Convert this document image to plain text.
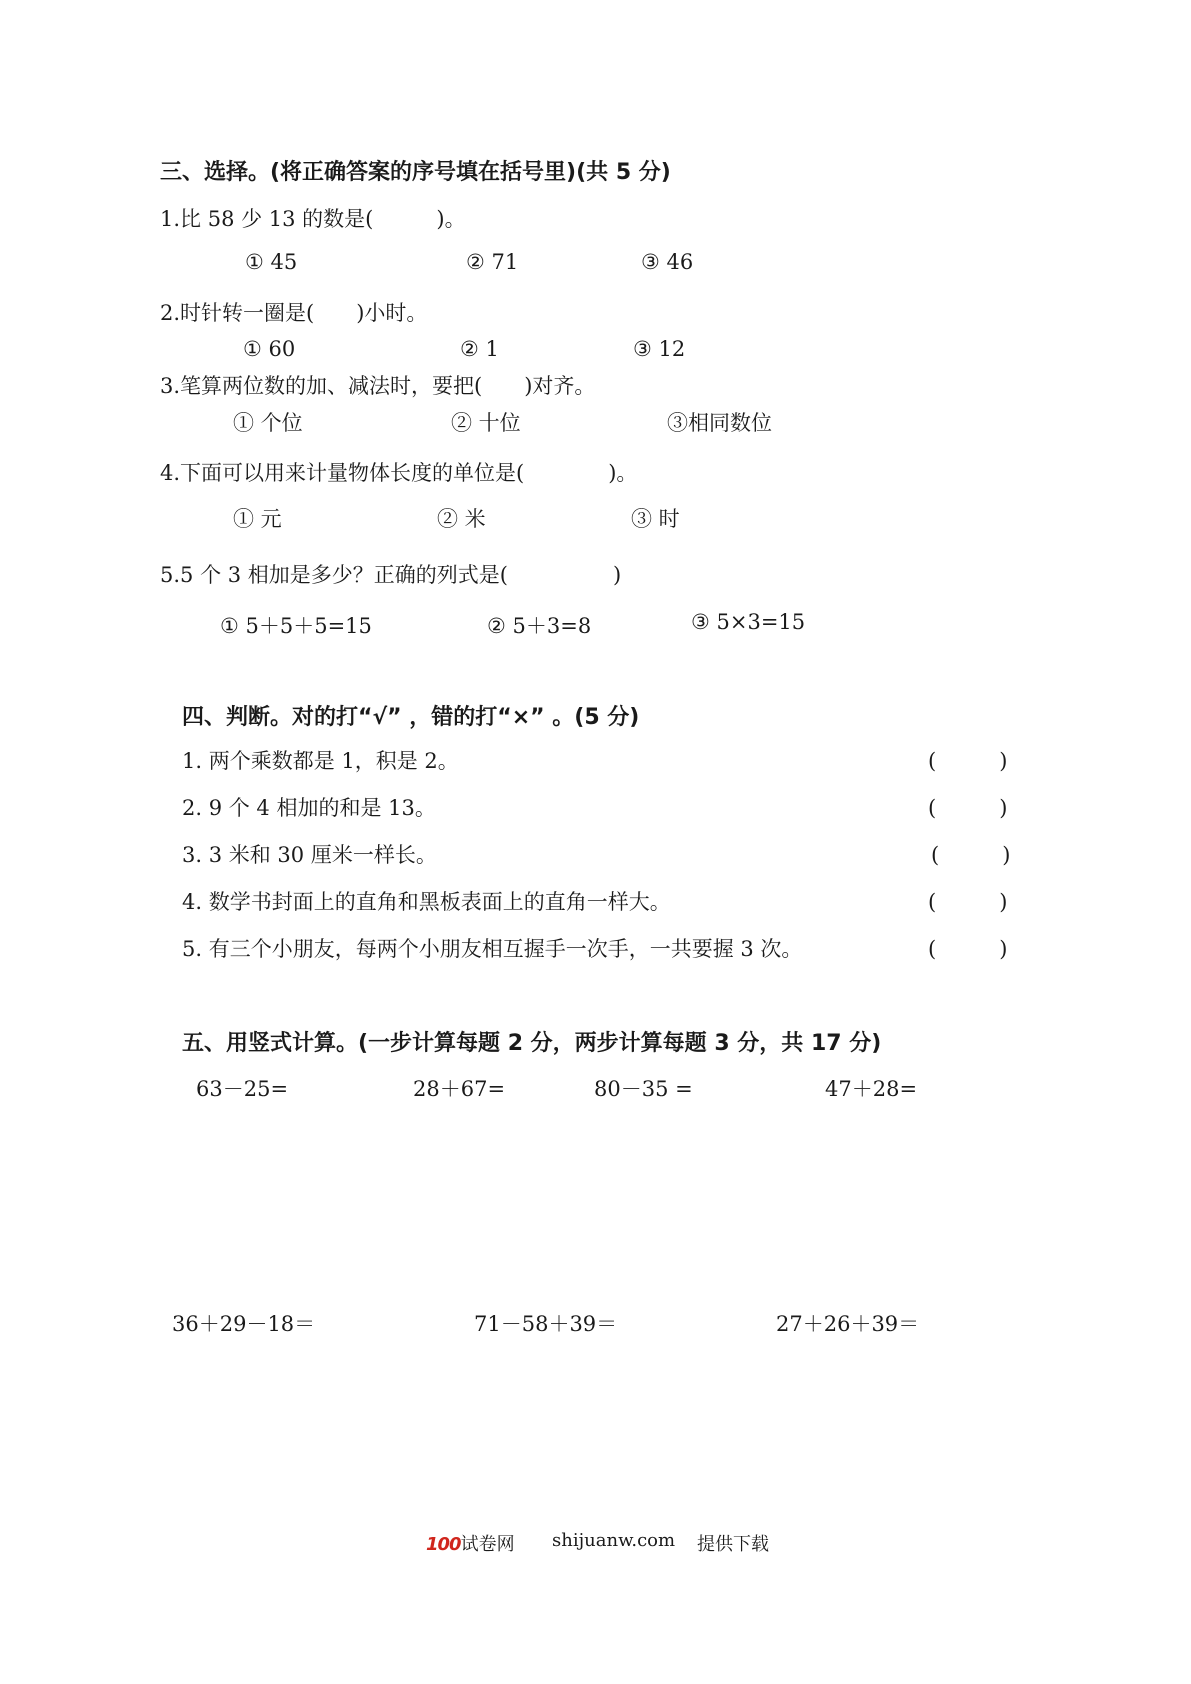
三、选择。(将正确答案的序号填在括号里)(共 5 分)
1.比 58 少 13 的数是(　　　)。
① 45	② 71	③ 46
2.时针转一圈是(　　)小时。
① 60	② 1	③ 12
3.笔算两位数的加、减法时，要把(　　)对齐。
① 个位	② 十位	③相同数位
4.下面可以用来计量物体长度的单位是(　　　　)。
① 元	② 米	③ 时
5.5 个 3 相加是多少？正确的列式是(　　　　　)
① 5＋5＋5=15	② 5＋3=8	③ 5×3=15
四、判断。对的打“√” ，错的打“×” 。(5 分)
1. 两个乘数都是 1，积是 2。	(　　　)
2. 9 个 4 相加的和是 13。	(　　　)
3. 3 米和 30 厘米一样长。	(　　　)
4. 数学书封面上的直角和黑板表面上的直角一样大。	(　　　)
5. 有三个小朋友，每两个小朋友相互握手一次手，一共要握 3 次。	(　　　)
五、用竖式计算。(一步计算每题 2 分，两步计算每题 3 分，共 17 分)
63－25=	28＋67=	80－35 =	47＋28=
36＋29－18＝	71－58＋39＝	27＋26＋39＝
100试卷网 shijuanw.com 提供下载
